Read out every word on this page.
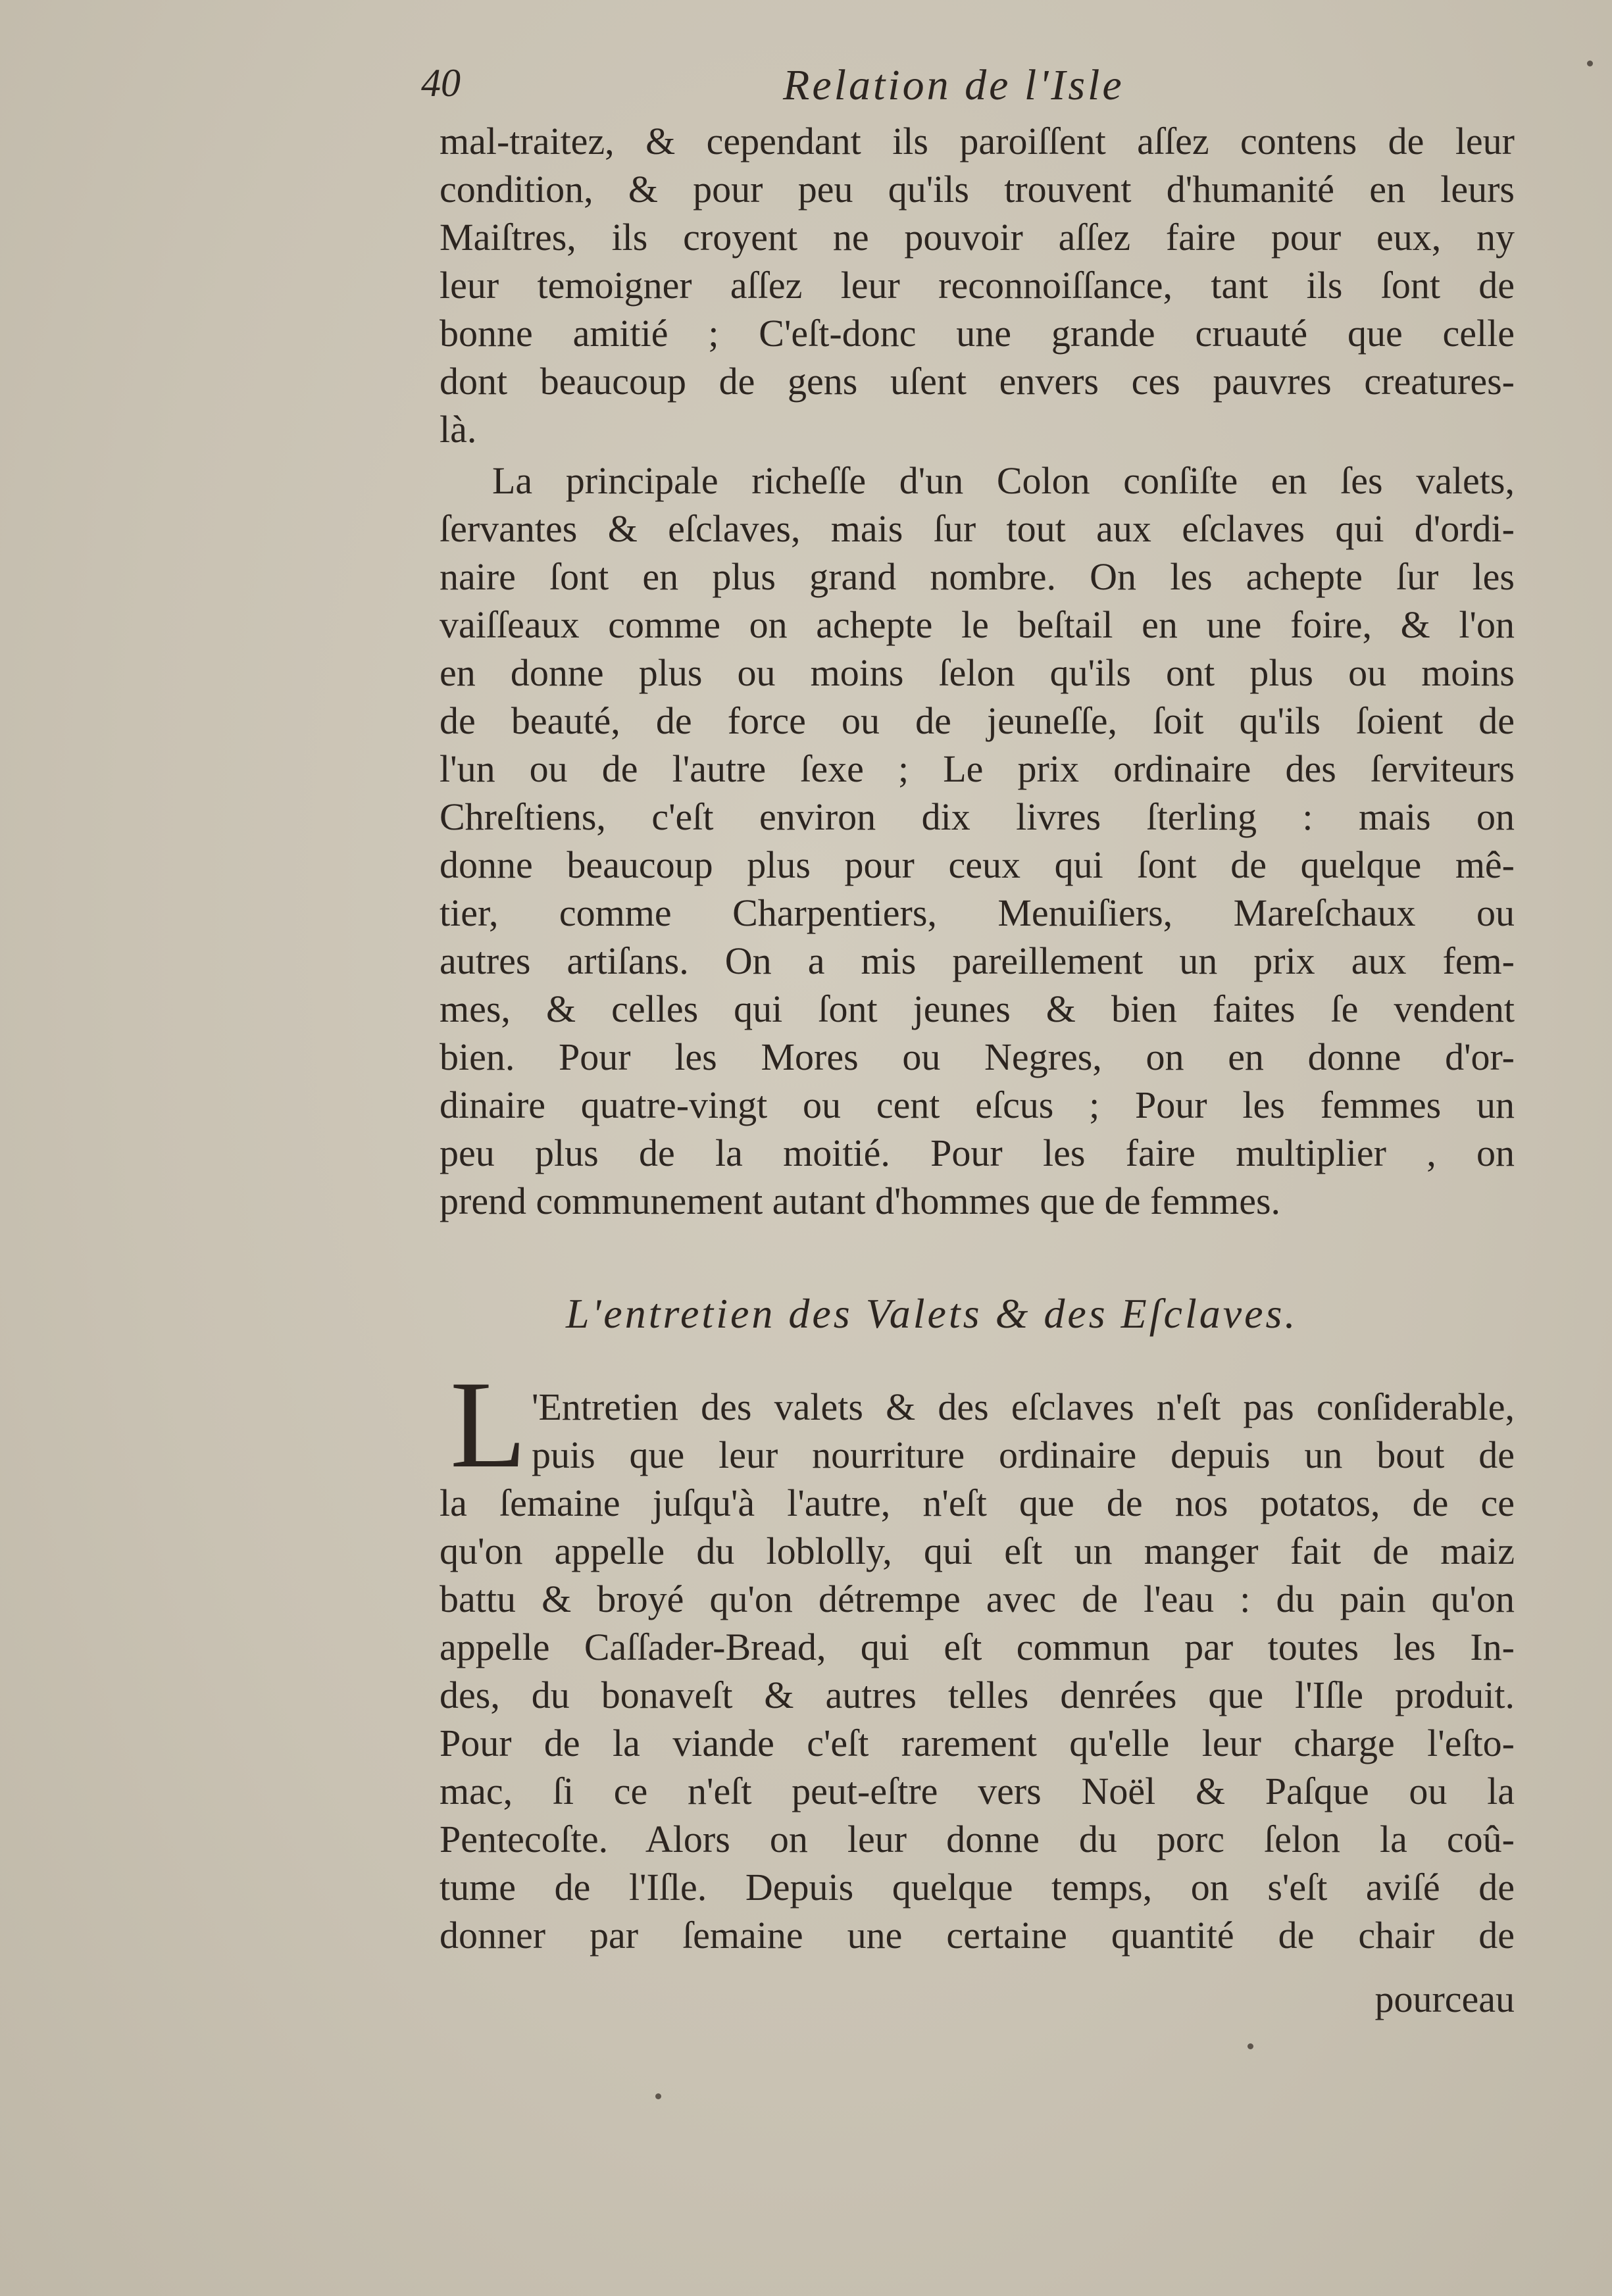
40	Relation de l'Isle
mal-traitez, & cependant ils paroiſſent aſſez contens de leur
condition, & pour peu qu'ils trouvent d'humanité en leurs
Maiſtres, ils croyent ne pouvoir aſſez faire pour eux, ny
leur temoigner aſſez leur reconnoiſſance, tant ils ſont de
bonne amitié ; C'eſt-donc une grande cruauté que celle
dont beaucoup de gens uſent envers ces pauvres creatures-
là.
La principale richeſſe d'un Colon conſiſte en ſes valets,
ſervantes & eſclaves, mais ſur tout aux eſclaves qui d'ordi-
naire ſont en plus grand nombre. On les achepte ſur les
vaiſſeaux comme on achepte le beſtail en une foire, & l'on
en donne plus ou moins ſelon qu'ils ont plus ou moins
de beauté, de force ou de jeuneſſe, ſoit qu'ils ſoient de
l'un ou de l'autre ſexe ; Le prix ordinaire des ſerviteurs
Chreſtiens, c'eſt environ dix livres ſterling : mais on
donne beaucoup plus pour ceux qui ſont de quelque mê-
tier, comme Charpentiers, Menuiſiers, Mareſchaux ou
autres artiſans. On a mis pareillement un prix aux fem-
mes, & celles qui ſont jeunes & bien faites ſe vendent
bien. Pour les Mores ou Negres, on en donne d'or-
dinaire quatre-vingt ou cent eſcus ; Pour les femmes un
peu plus de la moitié. Pour les faire multiplier , on
prend communement autant d'hommes que de femmes.
L'entretien des Valets & des Eſclaves.
L 'Entretien des valets & des eſclaves n'eſt pas conſiderable,
puis que leur nourriture ordinaire depuis un bout de
la ſemaine juſqu'à l'autre, n'eſt que de nos potatos, de ce
qu'on appelle du loblolly, qui eſt un manger fait de maiz
battu & broyé qu'on détrempe avec de l'eau : du pain qu'on
appelle Caſſader-Bread, qui eſt commun par toutes les In-
des, du bonaveſt & autres telles denrées que l'Iſle produit.
Pour de la viande c'eſt rarement qu'elle leur charge l'eſto-
mac, ſi ce n'eſt peut-eſtre vers Noël & Paſque ou la
Pentecoſte. Alors on leur donne du porc ſelon la coû-
tume de l'Iſle. Depuis quelque temps, on s'eſt aviſé de
donner par ſemaine une certaine quantité de chair de
pourceau
